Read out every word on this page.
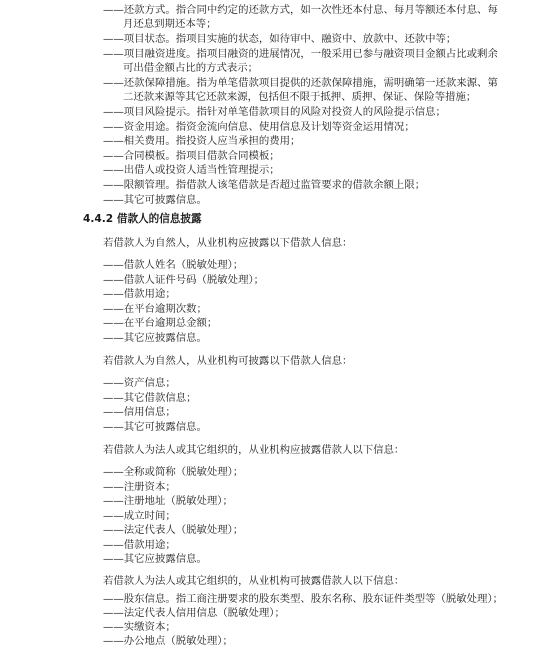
——还款方式。指合同中约定的还款方式，如一次性还本付息、每月等额还本付息、每
月还息到期还本等；
——项目状态。指项目实施的状态，如待审中、融资中、放款中、还款中等；
——项目融资进度。指项目融资的进展情况，一般采用已参与融资项目金额占比或剩余
可出借金额占比的方式表示；
——还款保障措施。指为单笔借款项目提供的还款保障措施，需明确第一还款来源、第
二还款来源等其它还款来源，包括但不限于抵押、质押、保证、保险等措施；
——项目风险提示。指针对单笔借款项目的风险对投资人的风险提示信息；
——资金用途。指资金流向信息、使用信息及计划等资金运用情况；
——相关费用。指投资人应当承担的费用；
——合同模板。指项目借款合同模板；
——出借人或投资人适当性管理提示；
——限额管理。指借款人该笔借款是否超过监管要求的借款余额上限；
——其它可披露信息。
4.4.2 借款人的信息披露
若借款人为自然人，从业机构应披露以下借款人信息：
——借款人姓名（脱敏处理）；
——借款人证件号码（脱敏处理）；
——借款用途；
——在平台逾期次数；
——在平台逾期总金额；
——其它应披露信息。
若借款人为自然人，从业机构可披露以下借款人信息：
——资产信息；
——其它借款信息；
——信用信息；
——其它可披露信息。
若借款人为法人或其它组织的，从业机构应披露借款人以下信息：
——全称或简称（脱敏处理）；
——注册资本；
——注册地址（脱敏处理）；
——成立时间；
——法定代表人（脱敏处理）；
——借款用途；
——其它应披露信息。
若借款人为法人或其它组织的，从业机构可披露借款人以下信息：
——股东信息。指工商注册要求的股东类型、股东名称、股东证件类型等（脱敏处理）；
——法定代表人信用信息（脱敏处理）；
——实缴资本；
——办公地点（脱敏处理）；
